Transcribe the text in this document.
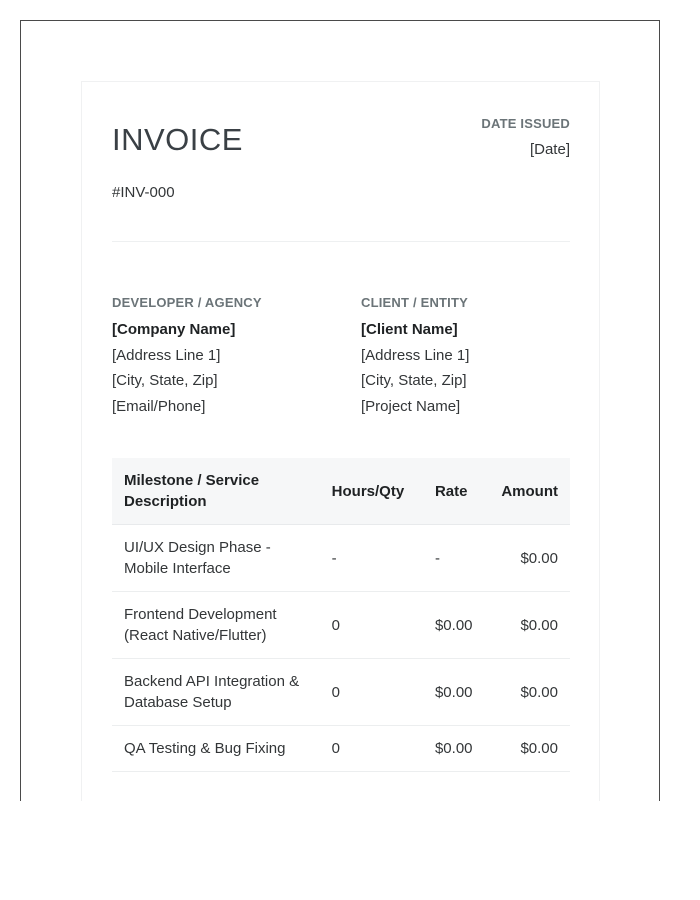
INVOICE
#INV-000
DATE ISSUED
[Date]
DEVELOPER / AGENCY
[Company Name]
[Address Line 1]
[City, State, Zip]
[Email/Phone]
CLIENT / ENTITY
[Client Name]
[Address Line 1]
[City, State, Zip]
[Project Name]
Milestone / Service Description	Hours/Qty	Rate	Amount
UI/UX Design Phase - Mobile Interface	-	-	$0.00
Frontend Development (React Native/Flutter)	0	$0.00	$0.00
Backend API Integration & Database Setup	0	$0.00	$0.00
QA Testing & Bug Fixing	0	$0.00	$0.00
